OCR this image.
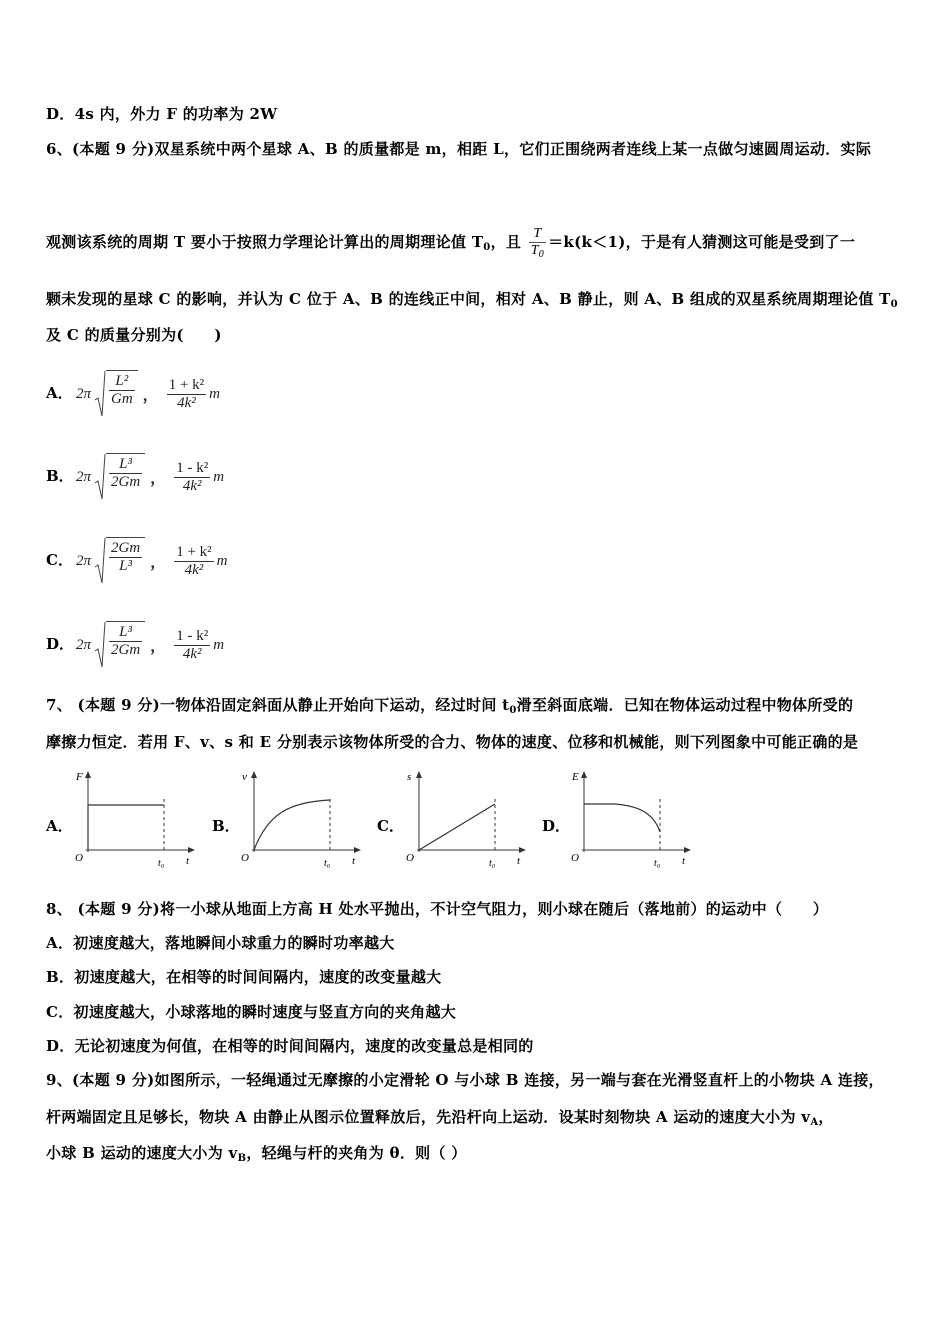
D．4s 内，外力 F 的功率为 2W
6、(本题 9 分)双星系统中两个星球 A、B 的质量都是 m，相距 L，它们正围绕两者连线上某一点做匀速圆周运动．实际
观测该系统的周期 T 要小于按照力学理论计算出的周期理论值 $T_0$，且 $\frac{T}{T_0} =k(k<1)$，于是有人猜测这可能是受到了一
颗未发现的星球 C 的影响，并认为 C 位于 A、B 的连线正中间，相对 A、B 静止，则 A、B 组成的双星系统周期理论值 $T_0$
及 C 的质量分别为(　　)
A． $2\pi \frac{\text{L²}}{Gm}$ ， $\frac{\text{1 + k²}}{\text{4k²}}$ m
B． $2\pi \frac{\text{L³}}{2Gm}$ ， $\frac{\text{1 - k²}}{\text{4k²}}$ m
C． $2\pi \frac{2Gm}{\text{L³}}$ ， $\frac{\text{1 + k²}}{\text{4k²}}$ m
D． $2\pi \frac{\text{L³}}{2Gm}$ ， $\frac{\text{1 - k²}}{\text{4k²}}$ m
7、 (本题 9 分)一物体沿固定斜面从静止开始向下运动，经过时间 $t_0$滑至斜面底端．已知在物体运动过程中物体所受的
摩擦力恒定．若用 F、v、s 和 E 分别表示该物体所受的合力、物体的速度、位移和机械能，则下列图象中可能正确的是
A．
F
O	t₀ t
B．
v
O	t₀ t
C．
s
O	t₀ t
D．
E
O	t₀ t
8、 (本题 9 分)将一小球从地面上方高 H 处水平抛出，不计空气阻力，则小球在随后（落地前）的运动中（　　）
A．初速度越大，落地瞬间小球重力的瞬时功率越大
B．初速度越大，在相等的时间间隔内，速度的改变量越大
C．初速度越大，小球落地的瞬时速度与竖直方向的夹角越大
D．无论初速度为何值，在相等的时间间隔内，速度的改变量总是相同的
9、(本题 9 分)如图所示，一轻绳通过无摩擦的小定滑轮 O 与小球 B 连接，另一端与套在光滑竖直杆上的小物块 A 连接，
杆两端固定且足够长，物块 A 由静止从图示位置释放后，先沿杆向上运动．设某时刻物块 A 运动的速度大小为 $v_A$，
小球 B 运动的速度大小为 $v_B$，轻绳与杆的夹角为 θ．则（ ）
